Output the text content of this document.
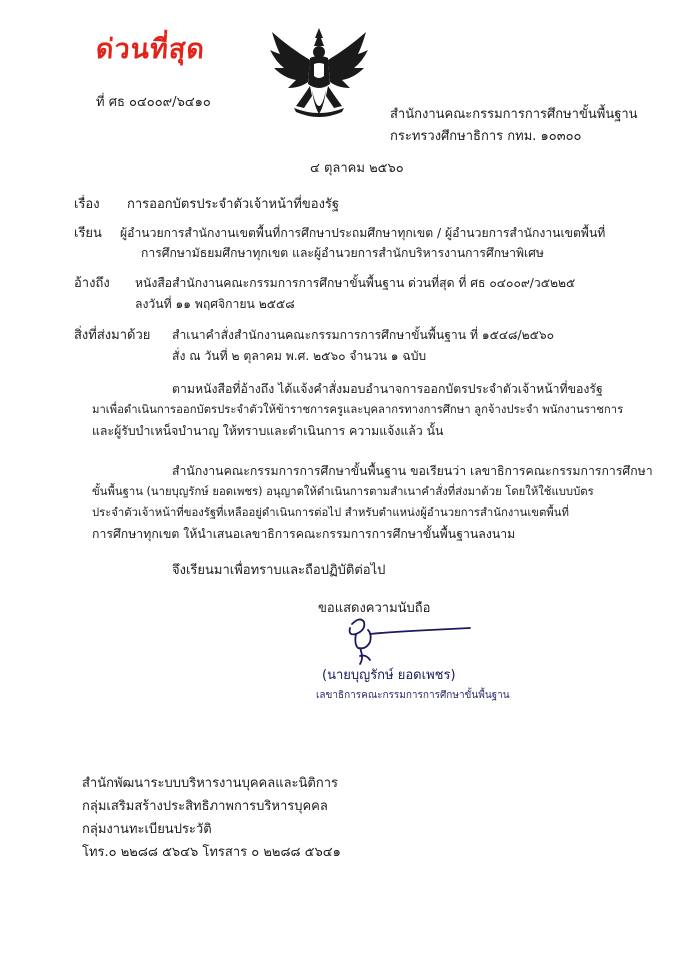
ด่วนที่สุด
ที่ ศธ ๐๔๐๐๙/๖๔๑๐
สำนักงานคณะกรรมการการศึกษาขั้นพื้นฐาน
กระทรวงศึกษาธิการ กทม. ๑๐๓๐๐
๔ ตุลาคม ๒๕๖๐
เรื่อง การออกบัตรประจำตัวเจ้าหน้าที่ของรัฐ
เรียน ผู้อำนวยการสำนักงานเขตพื้นที่การศึกษาประถมศึกษาทุกเขต / ผู้อำนวยการสำนักงานเขตพื้นที่
การศึกษามัธยมศึกษาทุกเขต และผู้อำนวยการสำนักบริหารงานการศึกษาพิเศษ
อ้างถึง หนังสือสำนักงานคณะกรรมการการศึกษาขั้นพื้นฐาน ด่วนที่สุด ที่ ศธ ๐๔๐๐๙/ว๕๒๒๕
ลงวันที่ ๑๑ พฤศจิกายน ๒๕๕๘
สิ่งที่ส่งมาด้วย สำเนาคำสั่งสำนักงานคณะกรรมการการศึกษาขั้นพื้นฐาน ที่ ๑๕๔๘/๒๕๖๐
สั่ง ณ วันที่ ๒ ตุลาคม พ.ศ. ๒๕๖๐ จำนวน ๑ ฉบับ
ตามหนังสือที่อ้างถึง ได้แจ้งคำสั่งมอบอำนาจการออกบัตรประจำตัวเจ้าหน้าที่ของรัฐ
มาเพื่อดำเนินการออกบัตรประจำตัวให้ข้าราชการครูและบุคลากรทางการศึกษา ลูกจ้างประจำ พนักงานราชการ
และผู้รับบำเหน็จบำนาญ ให้ทราบและดำเนินการ ความแจ้งแล้ว นั้น
สำนักงานคณะกรรมการการศึกษาขั้นพื้นฐาน ขอเรียนว่า เลขาธิการคณะกรรมการการศึกษา
ขั้นพื้นฐาน (นายบุญรักษ์ ยอดเพชร) อนุญาตให้ดำเนินการตามสำเนาคำสั่งที่ส่งมาด้วย โดยให้ใช้แบบบัตร
ประจำตัวเจ้าหน้าที่ของรัฐที่เหลืออยู่ดำเนินการต่อไป สำหรับตำแหน่งผู้อำนวยการสำนักงานเขตพื้นที่
การศึกษาทุกเขต ให้นำเสนอเลขาธิการคณะกรรมการการศึกษาขั้นพื้นฐานลงนาม
จึงเรียนมาเพื่อทราบและถือปฏิบัติต่อไป
ขอแสดงความนับถือ
(นายบุญรักษ์ ยอดเพชร)
เลขาธิการคณะกรรมการการศึกษาขั้นพื้นฐาน
สำนักพัฒนาระบบบริหารงานบุคคลและนิติการ
กลุ่มเสริมสร้างประสิทธิภาพการบริหารบุคคล
กลุ่มงานทะเบียนประวัติ
โทร.๐ ๒๒๘๘ ๕๖๔๖ โทรสาร ๐ ๒๒๘๘ ๕๖๔๑
